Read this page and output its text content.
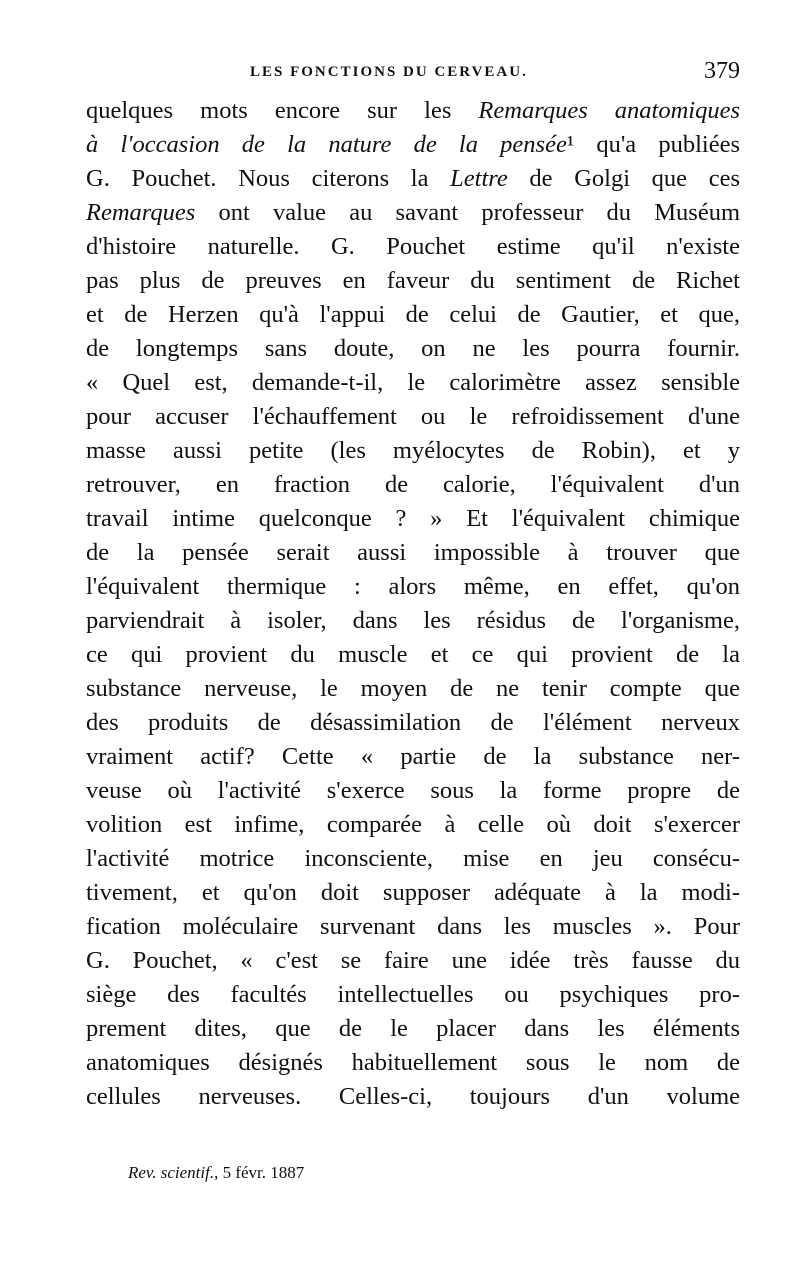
LES FONCTIONS DU CERVEAU.	379
quelques mots encore sur les Remarques anatomiques
à l'occasion de la nature de la pensée¹ qu'a publiées
G. Pouchet. Nous citerons la Lettre de Golgi que ces
Remarques ont value au savant professeur du Muséum
d'histoire naturelle. G. Pouchet estime qu'il n'existe
pas plus de preuves en faveur du sentiment de Richet
et de Herzen qu'à l'appui de celui de Gautier, et que,
de longtemps sans doute, on ne les pourra fournir.
« Quel est, demande-t-il, le calorimètre assez sensible
pour accuser l'échauffement ou le refroidissement d'une
masse aussi petite (les myélocytes de Robin), et y
retrouver, en fraction de calorie, l'équivalent d'un
travail intime quelconque ? » Et l'équivalent chimique
de la pensée serait aussi impossible à trouver que
l'équivalent thermique : alors même, en effet, qu'on
parviendrait à isoler, dans les résidus de l'organisme,
ce qui provient du muscle et ce qui provient de la
substance nerveuse, le moyen de ne tenir compte que
des produits de désassimilation de l'élément nerveux
vraiment actif? Cette « partie de la substance ner-
veuse où l'activité s'exerce sous la forme propre de
volition est infime, comparée à celle où doit s'exercer
l'activité motrice inconsciente, mise en jeu consécu-
tivement, et qu'on doit supposer adéquate à la modi-
fication moléculaire survenant dans les muscles ». Pour
G. Pouchet, « c'est se faire une idée très fausse du
siège des facultés intellectuelles ou psychiques pro-
prement dites, que de le placer dans les éléments
anatomiques désignés habituellement sous le nom de
cellules nerveuses. Celles-ci, toujours d'un volume
Rev. scientif., 5 févr. 1887
